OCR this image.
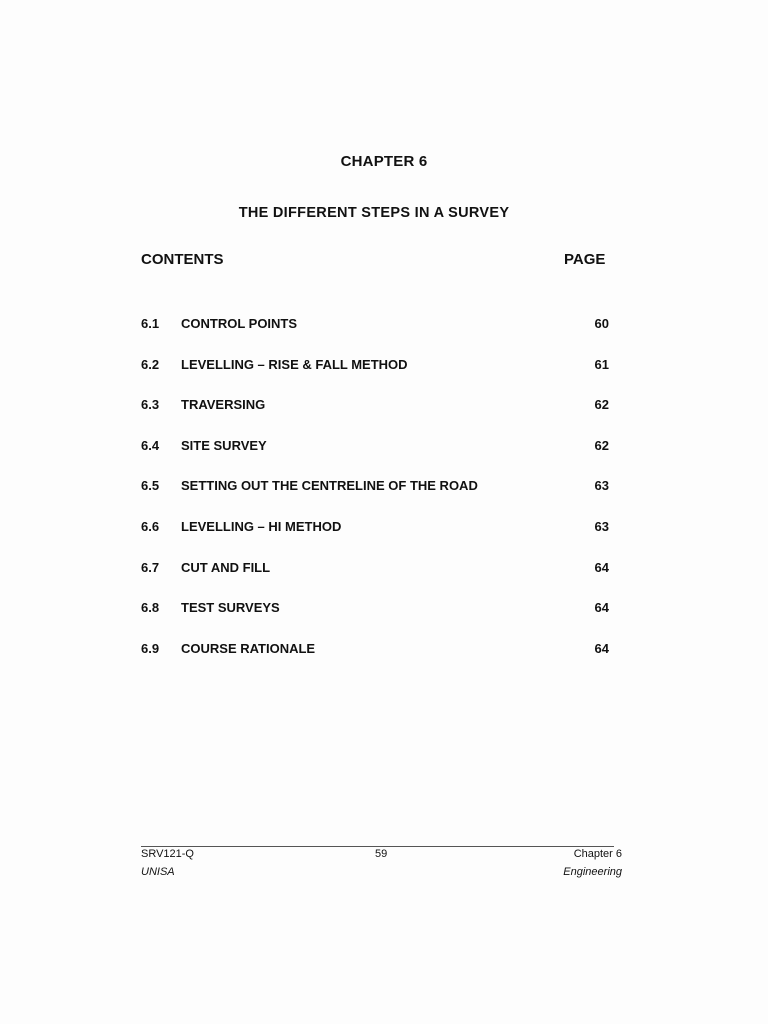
CHAPTER 6
THE DIFFERENT STEPS IN A SURVEY
CONTENTS	PAGE
6.1 CONTROL POINTS	60
6.2 LEVELLING – RISE & FALL METHOD	61
6.3 TRAVERSING	62
6.4 SITE SURVEY	62
6.5 SETTING OUT THE CENTRELINE OF THE ROAD	63
6.6 LEVELLING – HI METHOD	63
6.7 CUT AND FILL	64
6.8 TEST SURVEYS	64
6.9 COURSE RATIONALE	64
SRV121-Q
UNISA
59	Chapter 6
Engineering
